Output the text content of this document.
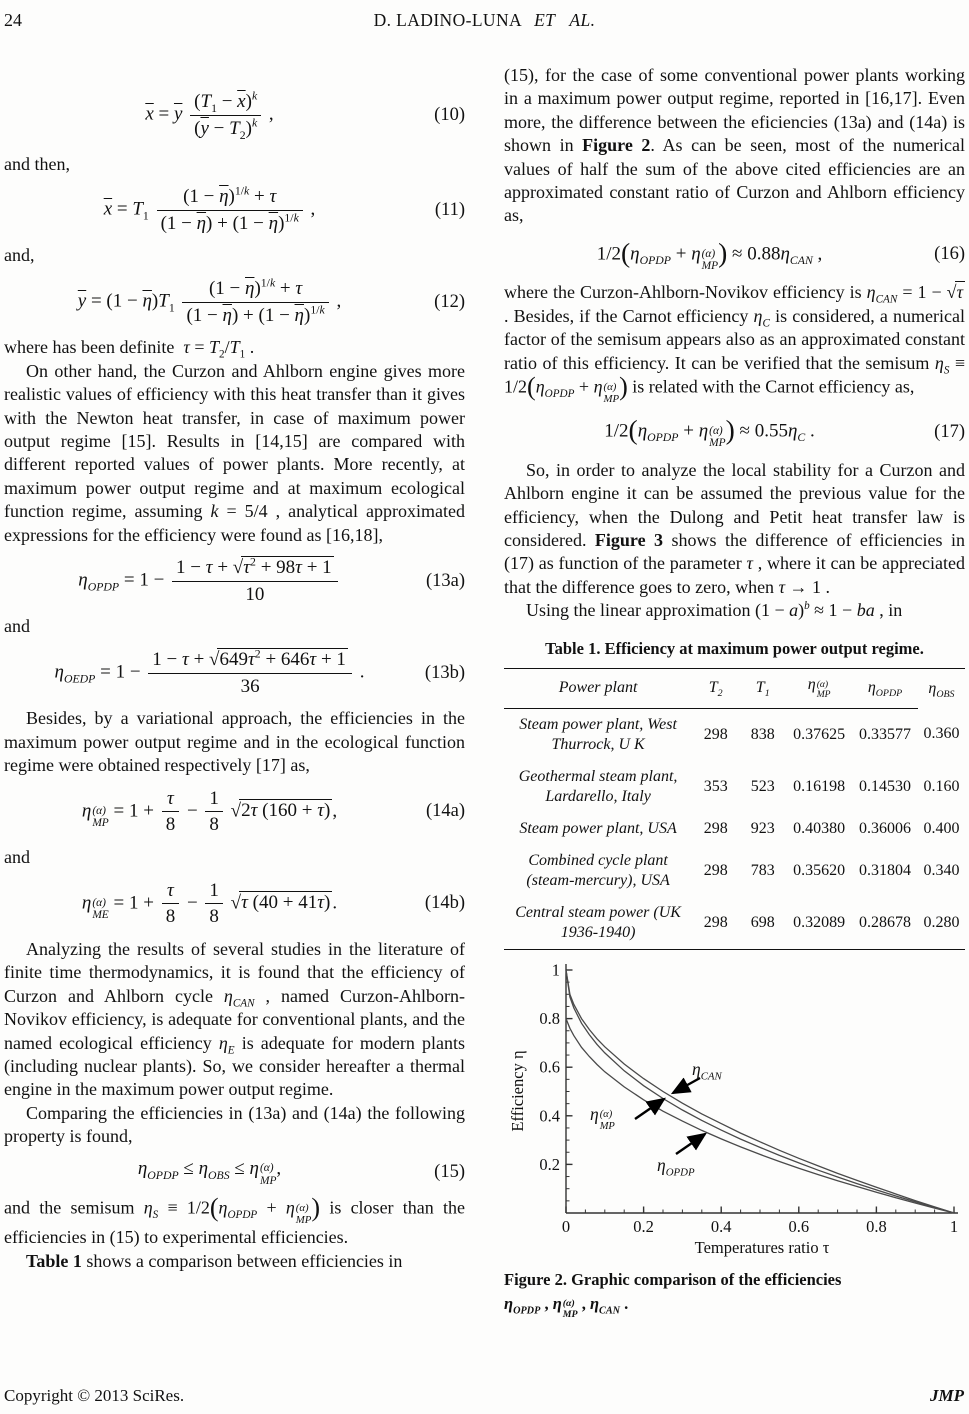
24	D. LADINO-LUNA ET AL.
$\overline{x} = \overline{y} \frac{(T_1 - \overline{x})^k}{(\overline{y} - T_2)^k}$ ,	(10)

and then,

$\overline{x} = T_1 \frac{(1 - \overline{\eta})^{1/k} + \tau}{(1 - \overline{\eta}) + (1 - \overline{\eta})^{1/k}}$ ,	(11)

and,

$\overline{y} = (1 - \overline{\eta})T_1 \frac{(1 - \overline{\eta})^{1/k} + \tau}{(1 - \overline{\eta}) + (1 - \overline{\eta})^{1/k}}$ ,	(12)

where has been definite  $\tau = T_2/T_1$ .

On other hand, the Curzon and Ahlborn engine gives more realistic values of efficiency with this heat transfer than it gives with the Newton heat transfer, in case of maximum power output regime [15]. Results in [14,15] are compared with different reported values of power plants. More recently, at maximum power output regime and at maximum ecological function regime, assuming k = 5/4 , analytical approximated expressions for the efficiency were found as [16,18],

$\eta_{OPDP} = 1 - \frac{1 - \tau + √\tau^2 + 98\tau + 1}{10}$	(13a)

and

$\eta_{OEDP} = 1 - \frac{1 - \tau + √649\tau^2 + 646\tau + 1}{36}$ .	(13b)

Besides, by a variational approach, the efficiencies in the maximum power output regime and in the ecological function regime were obtained respectively [17] as,

η (α)
MP
= $1 + \frac{\tau}{8} - \frac{1}{8} √2\tau$ (160 + τ) ,	(14a)

and

η (α)
ME
= $1 + \frac{\tau}{8} - \frac{1}{8} √\tau$ (40 + 41τ) .	(14b)

Analyzing the results of several studies in the literature of finite time thermodynamics, it is found that the efficiency of Curzon and Ahlborn cycle $\eta_{CAN}$ , named Curzon-Ahlborn-Novikov efficiency, is adequate for conventional plants, and the named ecological efficiency $\eta_E$ is adequate for modern plants (including nuclear plants). So, we consider hereafter a thermal engine in the maximum power output regime.

Comparing the efficiencies in (13a) and (14a) the following property is found,

$\eta_{OPDP} \le \eta_{OBS} \le \eta$ (α)
MP
,	(15)

and the semisum $\eta_S \equiv 1/2(\eta_{OPDP} + \eta$ (α)
MP ) is closer than the efficiencies in (15) to experimental efficiencies.

Table 1 shows a comparison between efficiencies in

(15), for the case of some conventional power plants working in a maximum power output regime, reported in [16,17]. Even more, the difference between the eficiencies (13a) and (14a) is shown in Figure 2. As can be seen, most of the numerical values of half the sum of the above cited efficiencies are an approximated constant ratio of Curzon and Ahlborn efficiency as,

$1/2(\eta_{OPDP} + \eta$ (α)
MP ) ≈ $0.88\eta_{CAN}$ ,	(16)

where the Curzon-Ahlborn-Novikov efficiency is $\eta_{CAN} = 1 - √\tau$ . Besides, if the Carnot efficiency $\eta_C$ is considered, a numerical factor of the semisum appears also as an approximated constant ratio of this efficiency. It can be verified that the semisum $\eta_S \equiv 1/2(\eta_{OPDP} + \eta$ (α)
MP ) is related with the Carnot efficiency as,

$1/2(\eta_{OPDP} + \eta$ (α)
MP ) ≈ $0.55\eta_C$ .	(17)

So, in order to analyze the local stability for a Curzon and Ahlborn engine it can be assumed the previous value for the efficiency, when the Dulong and Petit heat transfer law is considered. Figure 3 shows the difference of efficiencies in (17) as function of the parameter τ , where it can be appreciated that the difference goes to zero, when τ → 1 .

Using the linear approximation $(1 - a)^b \approx 1$ − ba , in

Table 1. Efficiency at maximum power output regime.

Power plant	$T_2$	$T_1$	η (α)
MP	$\eta_{OPDP}$	$\eta_{OBS}$
Steam power plant, West Thurrock, U K	298	838	0.37625	0.33577	0.360
Geothermal steam plant, Lardarello, Italy	353	523	0.16198	0.14530	0.160
Steam power plant, USA	298	923	0.40380	0.36006	0.400
Combined cycle plant (steam-mercury), USA	298	783	0.35620	0.31804	0.340
Central steam power (UK 1936-1940)	298	698	0.32089	0.28678	0.280
0	0.2	0.4	0.6	0.8	1
0.2
0.4
0.6
0.8
1
Temperatures ratio τ
Efficiency η	$\eta_{CAN}$
η (α)
MP
$\eta_{OPDP}$

Figure 2. Graphic comparison of the efficiencies
$\eta_{OPDP}$ , η (α)
MP
, $\eta_{CAN}$ .

Copyright © 2013 SciRes.	JMP
